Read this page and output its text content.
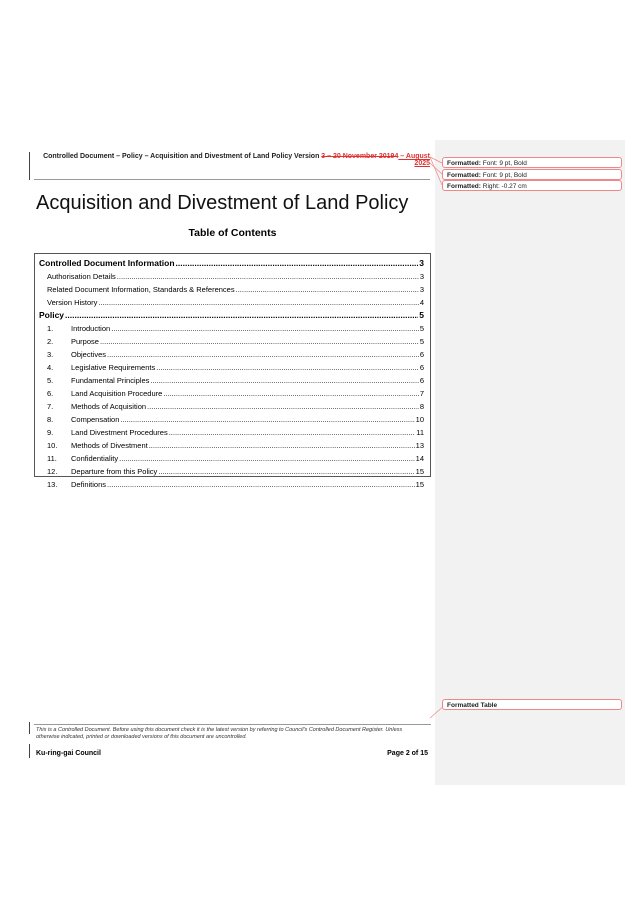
Controlled Document – Policy – Acquisition and Divestment of Land Policy Version 3 – 20 November 20194 – August
2025	Formatted: Font: 9 pt, Bold
Formatted: Font: 9 pt, Bold
Formatted: Right: -0.27 cm
Formatted Table
Acquisition and Divestment of Land Policy
Table of Contents
Controlled Document Information .....	3
Authorisation Details .....	3
Related Document Information, Standards & References .....	3
Version History .....	4
Policy .....	5
1.	Introduction .....	5
2.	Purpose .....	5
3.	Objectives .....	6
4.	Legislative Requirements .....	6
5.	Fundamental Principles .....	6
6.	Land Acquisition Procedure .....	7
7.	Methods of Acquisition .....	8
8.	Compensation .....	10
9.	Land Divestment Procedures .....	11
10.	Methods of Divestment .....	13
11.	Confidentiality .....	14
12.	Departure from this Policy .....	15
13.	Definitions .....	15
This is a Controlled Document. Before using this document check it is the latest version by referring to Council's Controlled Document Register. Unless otherwise indicated, printed or downloaded versions of this document are uncontrolled.
Ku-ring-gai Council	Page 2 of 15
